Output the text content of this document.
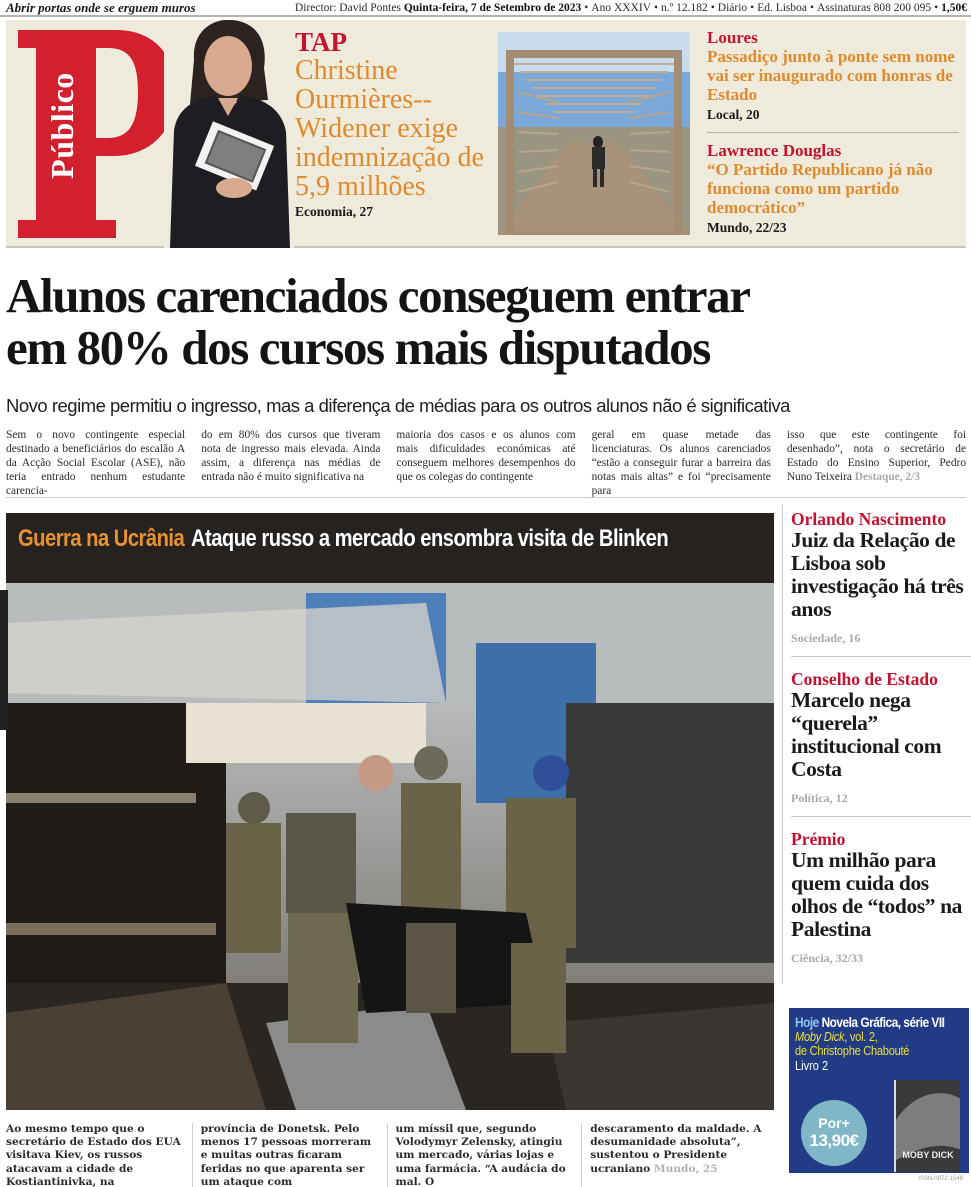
Abrir portas onde se erguem muros	Director: David Pontes Quinta-feira, 7 de Setembro de 2023 • Ano XXXIV • n.º 12.182 • Diário • Ed. Lisboa • Assinaturas 808 200 095 • 1,50€
Público
TAP
Christine Ourmières--Widener exige indemnização de 5,9 milhões
Economia, 27
Loures
Passadiço junto à ponte sem nome vai ser inaugurado com honras de Estado
Local, 20
Lawrence Douglas
“O Partido Republicano já não funciona como um partido democrático”
Mundo, 22/23
Alunos carenciados conseguem entrar
em 80% dos cursos mais disputados
Novo regime permitiu o ingresso, mas a diferença de médias para os outros alunos não é significativa
Sem o novo contingente especial destinado a beneficiários do escalão A da Acção Social Escolar (ASE), não teria entrado nenhum estudante carencia-
do em 80% dos cursos que tiveram nota de ingresso mais elevada. Ainda assim, a diferença nas médias de entrada não é muito significativa na
maioria dos casos e os alunos com mais dificuldades económicas até conseguem melhores desempenhos do que os colegas do contingente
geral em quase metade das licenciaturas. Os alunos carenciados “estão a conseguir furar a barreira das notas mais altas” e foi “precisamente para
isso que este contingente foi desenhado”, nota o secretário de Estado do Ensino Superior, Pedro Nuno Teixeira Destaque, 2/3
Guerra na Ucrânia Ataque russo a mercado ensombra visita de Blinken
Ao mesmo tempo que o secretário de Estado dos EUA visitava Kiev, os russos atacavam a cidade de Kostiantinivka, na
província de Donetsk. Pelo menos 17 pessoas morreram e muitas outras ficaram feridas no que aparenta ser um ataque com
um míssil que, segundo Volodymyr Zelensky, atingiu um mercado, várias lojas e uma farmácia. “A audácia do mal. O
descaramento da maldade. A desumanidade absoluta”, sustentou o Presidente ucraniano Mundo, 25
Orlando Nascimento
Juiz da Relação de Lisboa sob investigação há três anos
Sociedade, 16
Conselho de Estado
Marcelo nega “querela” institucional com Costa
Política, 12
Prémio
Um milhão para quem cuida dos olhos de “todos” na Palestina
Ciência, 32/33
Hoje Novela Gráfica, série VII
Moby Dick, vol. 2,
de Christophe Chabouté
Livro 2
Por+
13,90€
MOBY DICK
ISSN-0872-1548
